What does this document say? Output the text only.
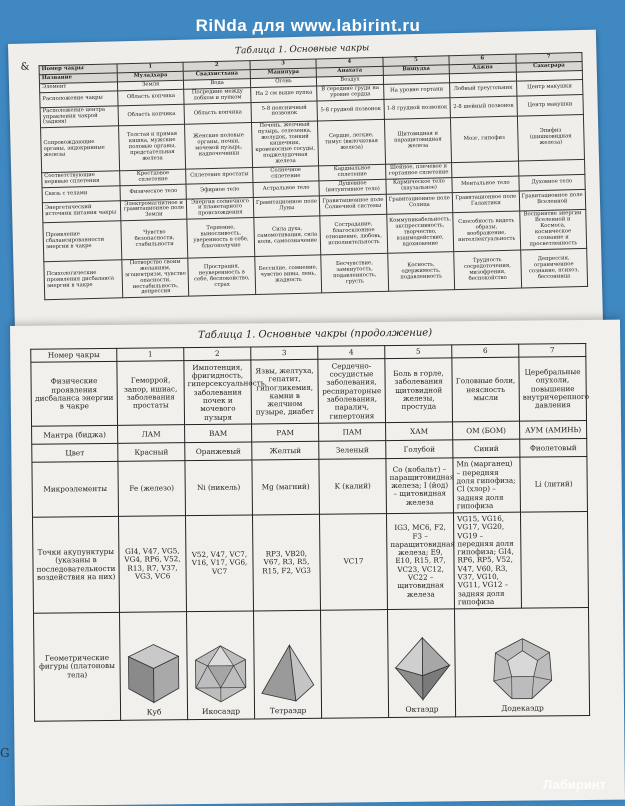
RiNda для www.labirint.ru
&
Таблица 1. Основные чакры
Номер чакры	1	2	3	4	5	6	7
Название	Муладхара	Свадхистхана	Манипура	Анахата	Вишудха	Аджна	Сахасрара
Элемент	Земля	Вода	Огонь	Воздух			
Расположение чакры	Область копчика	Посредине между лобком и пупком	На 2 см выше пупка	В середине груди на уровне сердца	На уровне гортани	Лобный треугольник	Центр макушки
Расположение центра управления чакрой (задняя)	Область копчика	Область копчика	5-8 поясничный позвонок	5-8 грудной позвонок	1-8 грудной позвонок	2-8 шейный позвонок	Центр макушки
Сопровождающие органы, эндокринные железы	Толстая и прямая кишка, мужские половые органы, предстательная железа	Женские половые органы, почки, мочевой пузырь, надпочечники	Печень, желчный пузырь, селезенка, желудок, тонкий кишечник, кровеносные сосуды, поджелудочная железа	Сердце, легкие, тимус (вилочковая железа)	Щитовидная и паращитовидная железа	Мозг, гипофиз	Эпифиз (шишковидная железа)
Соответствующие нервные сплетения	Крестцовое сплетение	Сплетение простаты	Солнечное сплетение	Кардиальное сплетение	Шейное, плечевое и гортанное сплетение		
Связь с телами	Физическое тело	Эфирное тело	Астральное тело	Душевное (интуитивное тело)	Кармическое тело (каузальное)	Ментальное тело	Духовное тело
Энергетический источник питания чакры	Электромагнитное и гравитационное поле Земли	Энергия солнечного и планетарного происхождения	Гравитационное поле Луны	Гравитационное поле Солнечной системы	Гравитационное поле Солнца	Гравитационное поле Галактики	Гравитационное поле Вселенной
Проявление сбалансированности энергии в чакре	Чувство безопасности, стабильности	Терпение, выносливость, уверенность в себе, благополучие	Сила духа, самомотивация, сила воли, самоозначение	Сострадание, благосклонное отношение, любовь, исполнительность	Коммуникабельность, экспрессивность, творчество, взаимодействие, вдохновение	Способность видеть образы, воображение, интеллектуальность	Восприятие энергии Вселенной и Космоса, космическое сознание и просветленность
Психологические проявления дисбаланса энергии в чакре	Потворство своим желаниям, эгоцентризм, чувство опасности, нестабильность, депрессия	Прострация, неуверенность в себе, беспокойство, страх	Бессилие, сомнение, чувство вины, лень, жадность	Бесчувствие, замкнутость, подавленность, грусть	Косность, одержимость, подавленность	Трудность сосредоточения, мизофрения, беспокойство	Депрессия, ограниченное сознание, психоз, бессонница
Таблица 1. Основные чакры (продолжение)
Номер чакры	1	2	3	4	5	6	7
Физические проявления дисбаланса энергии в чакре	Геморрой, запор, ишиас, заболевания простаты	Импотенция, фригидность, гиперсексуальность, заболевания почек и мочевого пузыря	Язвы, желтуха, гепатит, гипогликемия, камни в желчном пузыре, диабет	Сердечно-сосудистые заболевания, респираторные заболевания, паралич, гипертония	Боль в горле, заболевания щитовидной железы, простуда	Головные боли, неясность мысли	Церебральные опухоли, повышение внутричерепного давления
Мантра (биджа)	ЛАМ	ВАМ	РАМ	ПАМ	ХАМ	ОМ (БОМ)	АУМ (АМИНЬ)
Цвет	Красный	Оранжевый	Желтый	Зеленый	Голубой	Синий	Фиолетовый
Микроэлементы	Fe (железо)	Ni (никель)	Mg (магний)	K (калий)	Co (кобальт) – паращитовидная железа; I (йод) – щитовидная железа	Mn (марганец) – передняя доля гипофиза; Cl (хлор) – задняя доля гипофиза	Li (литий)
Точки акупунктуры (указаны в последовательности воздействия на них)	GI4, V47, VG5, VG4, RP6, V52, R13, R7, V37, VG3, VC6	V52, V47, VC7, V16, V17, VG6, VC7	RP3, VB20, V67, R3, R5, R15, F2, VG3	VC17	IG3, MC6, F2, F3 – паращитовидная железа; E9, E10, R15, R7, VC23, VC12, VC22 – щитовидная железа	VG15, VG16, VG17, VG20, VG19 – передняя доля гипофиза; GI4, RP6, RP5, V52, V47, V60, R3, V37, VG10, VG11, VG12 – задняя доля гипофиза	
Геометрические фигуры (платоновы тела)	Куб	Икосаэдр	Тетраэдр		Октаэдр	Додекаэдр	
G
Лабиринт
